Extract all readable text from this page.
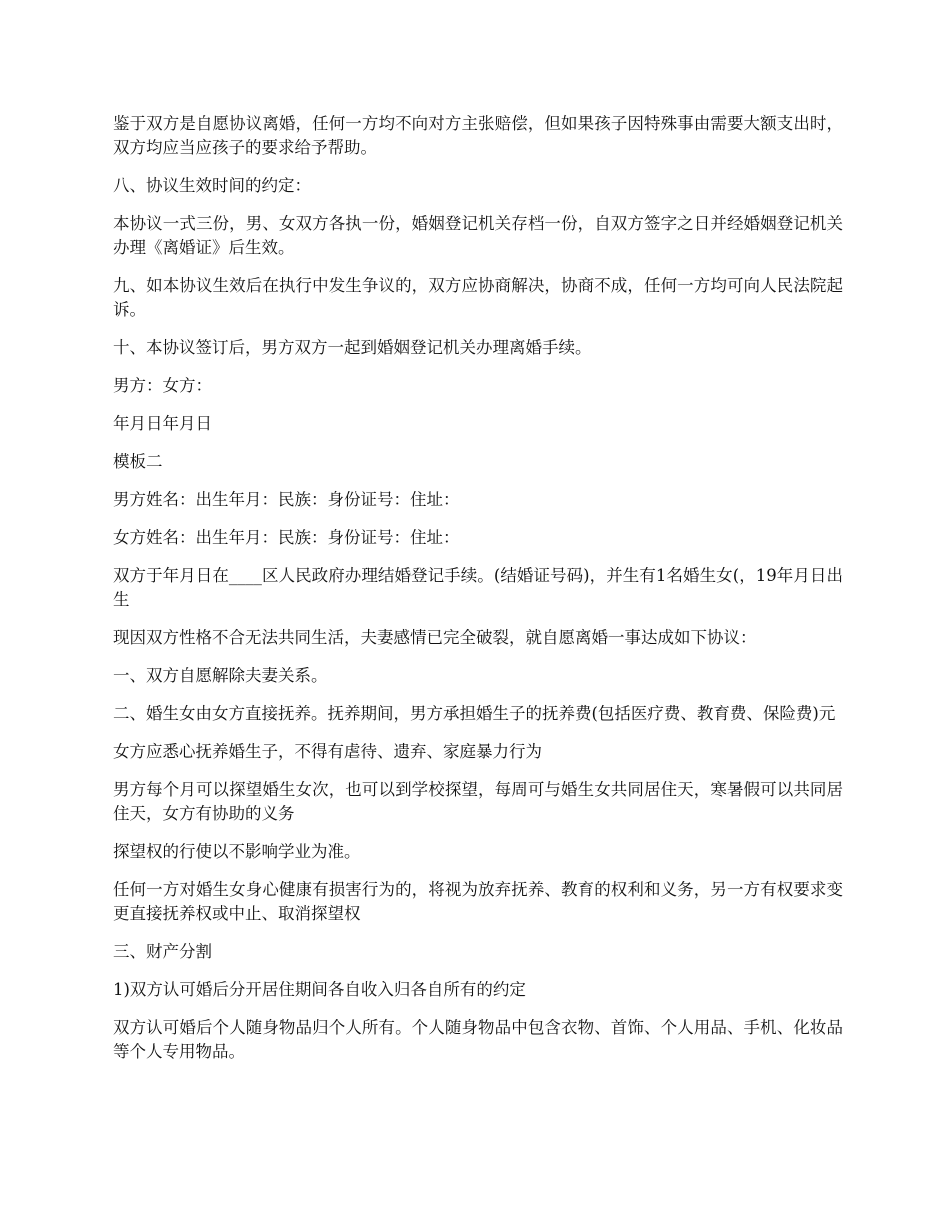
鉴于双方是自愿协议离婚，任何一方均不向对方主张赔偿，但如果孩子因特殊事由需要大额支出时，双方均应当应孩子的要求给予帮助。

八、协议生效时间的约定：

本协议一式三份，男、女双方各执一份，婚姻登记机关存档一份，自双方签字之日并经婚姻登记机关办理《离婚证》后生效。

九、如本协议生效后在执行中发生争议的，双方应协商解决，协商不成，任何一方均可向人民法院起诉。

十、本协议签订后，男方双方一起到婚姻登记机关办理离婚手续。

男方：女方：

年月日年月日

模板二

男方姓名：出生年月：民族：身份证号：住址：

女方姓名：出生年月：民族：身份证号：住址：

双方于年月日在____区人民政府办理结婚登记手续。(结婚证号码)，并生有1名婚生女(，19年月日出生

现因双方性格不合无法共同生活，夫妻感情已完全破裂，就自愿离婚一事达成如下协议：

一、双方自愿解除夫妻关系。

二、婚生女由女方直接抚养。抚养期间，男方承担婚生子的抚养费(包括医疗费、教育费、保险费)元

女方应悉心抚养婚生子，不得有虐待、遗弃、家庭暴力行为

男方每个月可以探望婚生女次，也可以到学校探望，每周可与婚生女共同居住天，寒暑假可以共同居住天，女方有协助的义务

探望权的行使以不影响学业为准。

任何一方对婚生女身心健康有损害行为的，将视为放弃抚养、教育的权利和义务，另一方有权要求变更直接抚养权或中止、取消探望权

三、财产分割

1)双方认可婚后分开居住期间各自收入归各自所有的约定

双方认可婚后个人随身物品归个人所有。个人随身物品中包含衣物、首饰、个人用品、手机、化妆品等个人专用物品。
